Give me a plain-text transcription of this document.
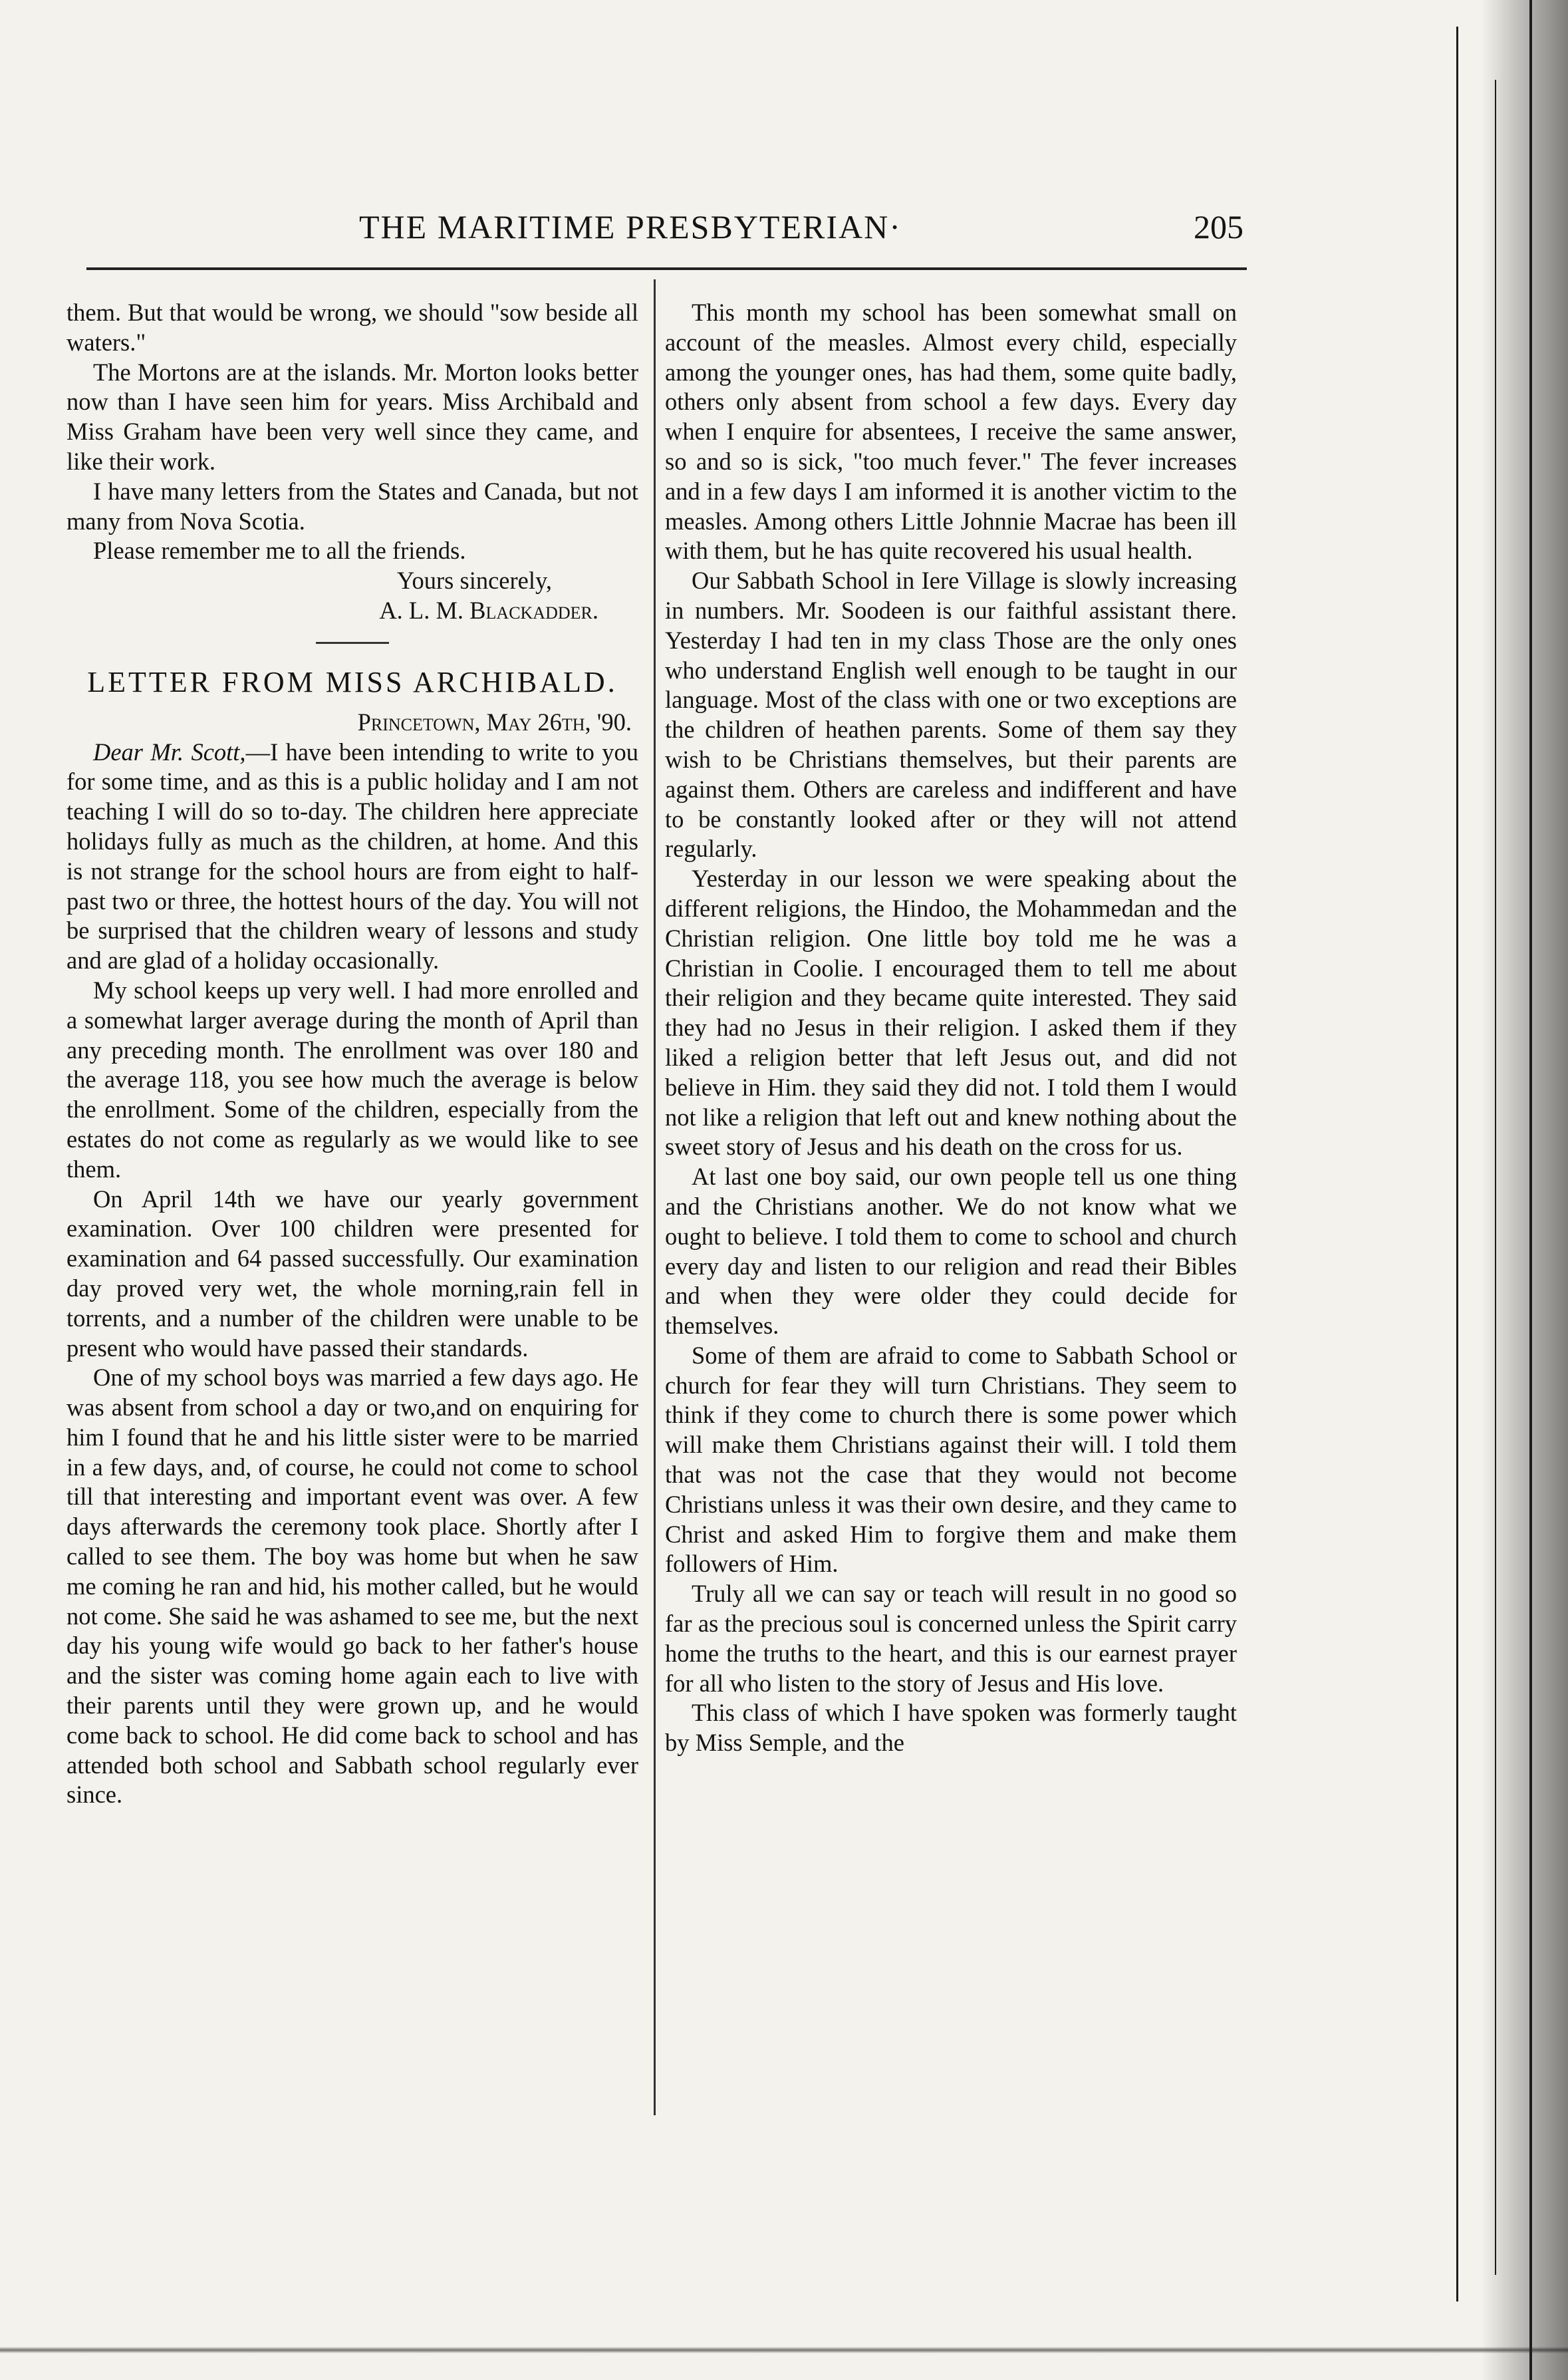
THE MARITIME PRESBYTERIAN·	205

them. But that would be wrong, we should "sow beside all waters."

The Mortons are at the islands. Mr. Morton looks better now than I have seen him for years. Miss Archibald and Miss Graham have been very well since they came, and like their work.

I have many letters from the States and Canada, but not many from Nova Scotia.

Please remember me to all the friends.

Yours sincerely,

A. L. M. Blackadder.

LETTER FROM MISS ARCHIBALD.

Princetown, May 26th, '90.

Dear Mr. Scott,—I have been intending to write to you for some time, and as this is a public holiday and I am not teaching I will do so to-day. The children here appreciate holidays fully as much as the children, at home. And this is not strange for the school hours are from eight to half-past two or three, the hottest hours of the day. You will not be surprised that the children weary of lessons and study and are glad of a holiday occasionally.

My school keeps up very well. I had more enrolled and a somewhat larger average during the month of April than any preceding month. The enrollment was over 180 and the average 118, you see how much the average is below the enrollment. Some of the children, especially from the estates do not come as regularly as we would like to see them.

On April 14th we have our yearly government examination. Over 100 children were presented for examination and 64 passed successfully. Our examination day proved very wet, the whole morning,rain fell in torrents, and a number of the children were unable to be present who would have passed their standards.

One of my school boys was married a few days ago. He was absent from school a day or two,and on enquiring for him I found that he and his little sister were to be married in a few days, and, of course, he could not come to school till that interesting and important event was over. A few days afterwards the ceremony took place. Shortly after I called to see them. The boy was home but when he saw me coming he ran and hid, his mother called, but he would not come. She said he was ashamed to see me, but the next day his young wife would go back to her father's house and the sister was coming home again each to live with their parents until they were grown up, and he would come back to school. He did come back to school and has attended both school and Sabbath school regularly ever since.

This month my school has been somewhat small on account of the measles. Almost every child, especially among the younger ones, has had them, some quite badly, others only absent from school a few days. Every day when I enquire for absentees, I receive the same answer, so and so is sick, "too much fever." The fever increases and in a few days I am informed it is another victim to the measles. Among others Little Johnnie Macrae has been ill with them, but he has quite recovered his usual health.

Our Sabbath School in Iere Village is slowly increasing in numbers. Mr. Soodeen is our faithful assistant there. Yesterday I had ten in my class Those are the only ones who understand English well enough to be taught in our language. Most of the class with one or two exceptions are the children of heathen parents. Some of them say they wish to be Christians themselves, but their parents are against them. Others are careless and indifferent and have to be constantly looked after or they will not attend regularly.

Yesterday in our lesson we were speaking about the different religions, the Hindoo, the Mohammedan and the Christian religion. One little boy told me he was a Christian in Coolie. I encouraged them to tell me about their religion and they became quite interested. They said they had no Jesus in their religion. I asked them if they liked a religion better that left Jesus out, and did not believe in Him. they said they did not. I told them I would not like a religion that left out and knew nothing about the sweet story of Jesus and his death on the cross for us.

At last one boy said, our own people tell us one thing and the Christians another. We do not know what we ought to believe. I told them to come to school and church every day and listen to our religion and read their Bibles and when they were older they could decide for themselves.

Some of them are afraid to come to Sabbath School or church for fear they will turn Christians. They seem to think if they come to church there is some power which will make them Christians against their will. I told them that was not the case that they would not become Christians unless it was their own desire, and they came to Christ and asked Him to forgive them and make them followers of Him.

Truly all we can say or teach will result in no good so far as the precious soul is concerned unless the Spirit carry home the truths to the heart, and this is our earnest prayer for all who listen to the story of Jesus and His love.

This class of which I have spoken was formerly taught by Miss Semple, and the
